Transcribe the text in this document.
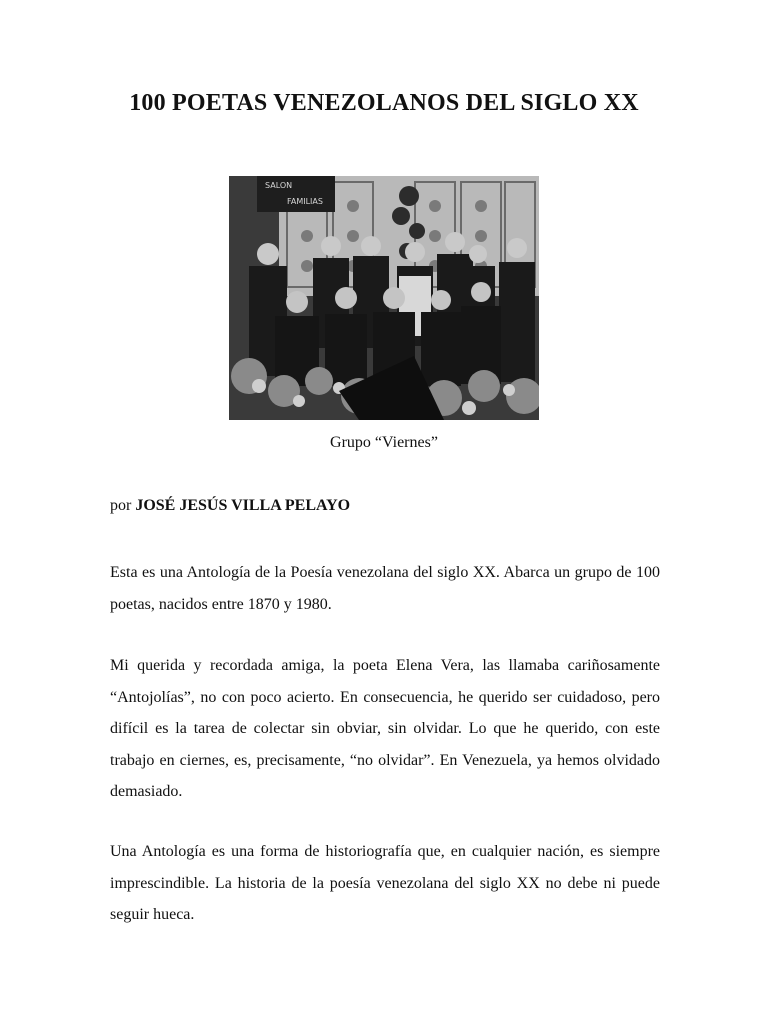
100 POETAS VENEZOLANOS DEL SIGLO XX
SALON
FAMILIAS

Grupo “Viernes”

por JOSÉ JESÚS VILLA PELAYO

Esta es una Antología de la Poesía venezolana del siglo XX. Abarca un grupo de 100 poetas, nacidos entre 1870 y 1980.

Mi querida y recordada amiga, la poeta Elena Vera, las llamaba cariñosamente “Antojolías”, no con poco acierto. En consecuencia, he querido ser cuidadoso, pero difícil es la tarea de colectar sin obviar, sin olvidar. Lo que he querido, con este trabajo en ciernes, es, precisamente, “no olvidar”. En Venezuela, ya hemos olvidado demasiado.

Una Antología es una forma de historiografía que, en cualquier nación, es siempre imprescindible. La historia de la poesía venezolana del siglo XX no debe ni puede seguir hueca.
